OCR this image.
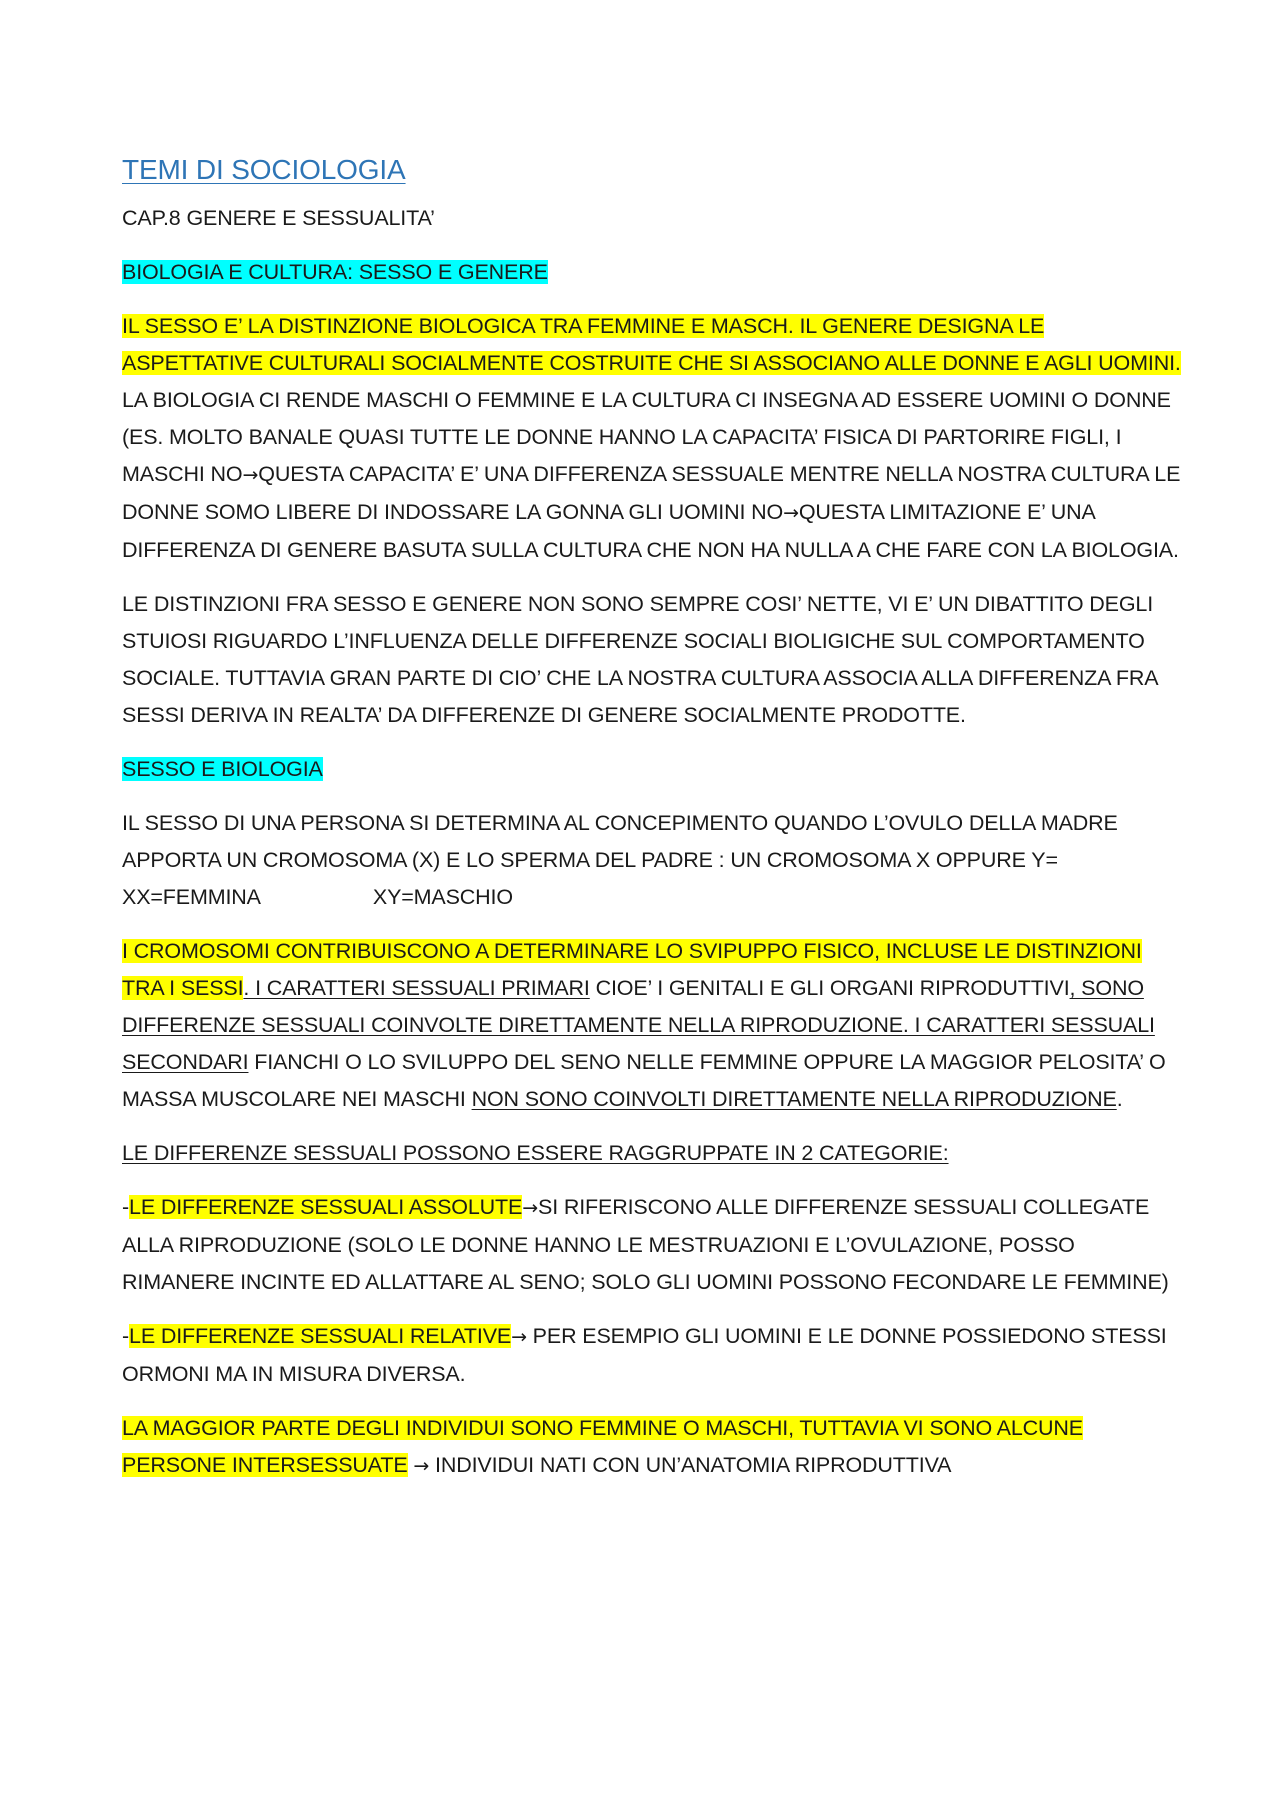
TEMI DI SOCIOLOGIA

CAP.8 GENERE E SESSUALITA’

BIOLOGIA E CULTURA: SESSO E GENERE

IL SESSO E’ LA DISTINZIONE BIOLOGICA TRA FEMMINE E MASCH. IL GENERE DESIGNA LE ASPETTATIVE CULTURALI SOCIALMENTE COSTRUITE CHE SI ASSOCIANO ALLE DONNE E AGLI UOMINI. LA BIOLOGIA CI RENDE MASCHI O FEMMINE E LA CULTURA CI INSEGNA AD ESSERE UOMINI O DONNE (ES. MOLTO BANALE QUASI TUTTE LE DONNE HANNO LA CAPACITA’ FISICA DI PARTORIRE FIGLI, I MASCHI NO→QUESTA CAPACITA’ E’ UNA DIFFERENZA SESSUALE MENTRE NELLA NOSTRA CULTURA LE DONNE SOMO LIBERE DI INDOSSARE LA GONNA GLI UOMINI NO→QUESTA LIMITAZIONE E’ UNA DIFFERENZA DI GENERE BASUTA SULLA CULTURA CHE NON HA NULLA A CHE FARE CON LA BIOLOGIA.

LE DISTINZIONI FRA SESSO E GENERE NON SONO SEMPRE COSI’ NETTE, VI E’ UN DIBATTITO DEGLI STUIOSI RIGUARDO L’INFLUENZA DELLE DIFFERENZE SOCIALI BIOLIGICHE SUL COMPORTAMENTO SOCIALE. TUTTAVIA GRAN PARTE DI CIO’ CHE LA NOSTRA CULTURA ASSOCIA ALLA DIFFERENZA FRA SESSI DERIVA IN REALTA’ DA DIFFERENZE DI GENERE SOCIALMENTE PRODOTTE.

SESSO E BIOLOGIA

IL SESSO DI UNA PERSONA SI DETERMINA AL CONCEPIMENTO QUANDO L’OVULO DELLA MADRE APPORTA UN CROMOSOMA (X) E LO SPERMA DEL PADRE : UN CROMOSOMA X OPPURE Y=XX=FEMMINA	XY=MASCHIO

I CROMOSOMI CONTRIBUISCONO A DETERMINARE LO SVIPUPPO FISICO, INCLUSE LE DISTINZIONI TRA I SESSI. I CARATTERI SESSUALI PRIMARI CIOE’ I GENITALI E GLI ORGANI RIPRODUTTIVI, SONO DIFFERENZE SESSUALI COINVOLTE DIRETTAMENTE NELLA RIPRODUZIONE. I CARATTERI SESSUALI SECONDARI FIANCHI O LO SVILUPPO DEL SENO NELLE FEMMINE OPPURE LA MAGGIOR PELOSITA’ O MASSA MUSCOLARE NEI MASCHI NON SONO COINVOLTI DIRETTAMENTE NELLA RIPRODUZIONE.

LE DIFFERENZE SESSUALI POSSONO ESSERE RAGGRUPPATE IN 2 CATEGORIE:

-LE DIFFERENZE SESSUALI ASSOLUTE→SI RIFERISCONO ALLE DIFFERENZE SESSUALI COLLEGATE ALLA RIPRODUZIONE (SOLO LE DONNE HANNO LE MESTRUAZIONI E L’OVULAZIONE, POSSO RIMANERE INCINTE ED ALLATTARE AL SENO; SOLO GLI UOMINI POSSONO FECONDARE LE FEMMINE)

-LE DIFFERENZE SESSUALI RELATIVE→ PER ESEMPIO GLI UOMINI E LE DONNE POSSIEDONO STESSI ORMONI MA IN MISURA DIVERSA.

LA MAGGIOR PARTE DEGLI INDIVIDUI SONO FEMMINE O MASCHI, TUTTAVIA VI SONO ALCUNE PERSONE INTERSESSUATE → INDIVIDUI NATI CON UN’ANATOMIA RIPRODUTTIVA
